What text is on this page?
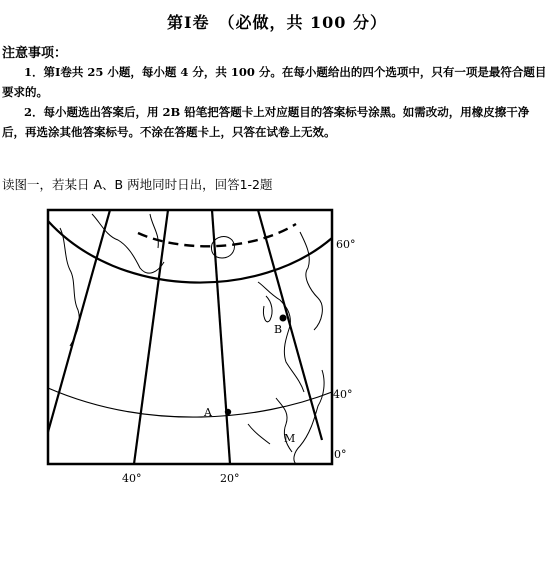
第Ⅰ卷　（必做，共 100 分）
注意事项：
1．第Ⅰ卷共 25 小题，每小题 4 分，共 100 分。在每小题给出的四个选项中，只有一项是最符合题目要求的。
2．每小题选出答案后，用 2B 铅笔把答题卡上对应题目的答案标号涂黑。如需改动，用橡皮擦干净后，再选涂其他答案标号。不涂在答题卡上，只答在试卷上无效。
读图一，若某日 A、B 两地同时日出，回答1-2题
A
B
M
60°
40°
0°
40°	20°
